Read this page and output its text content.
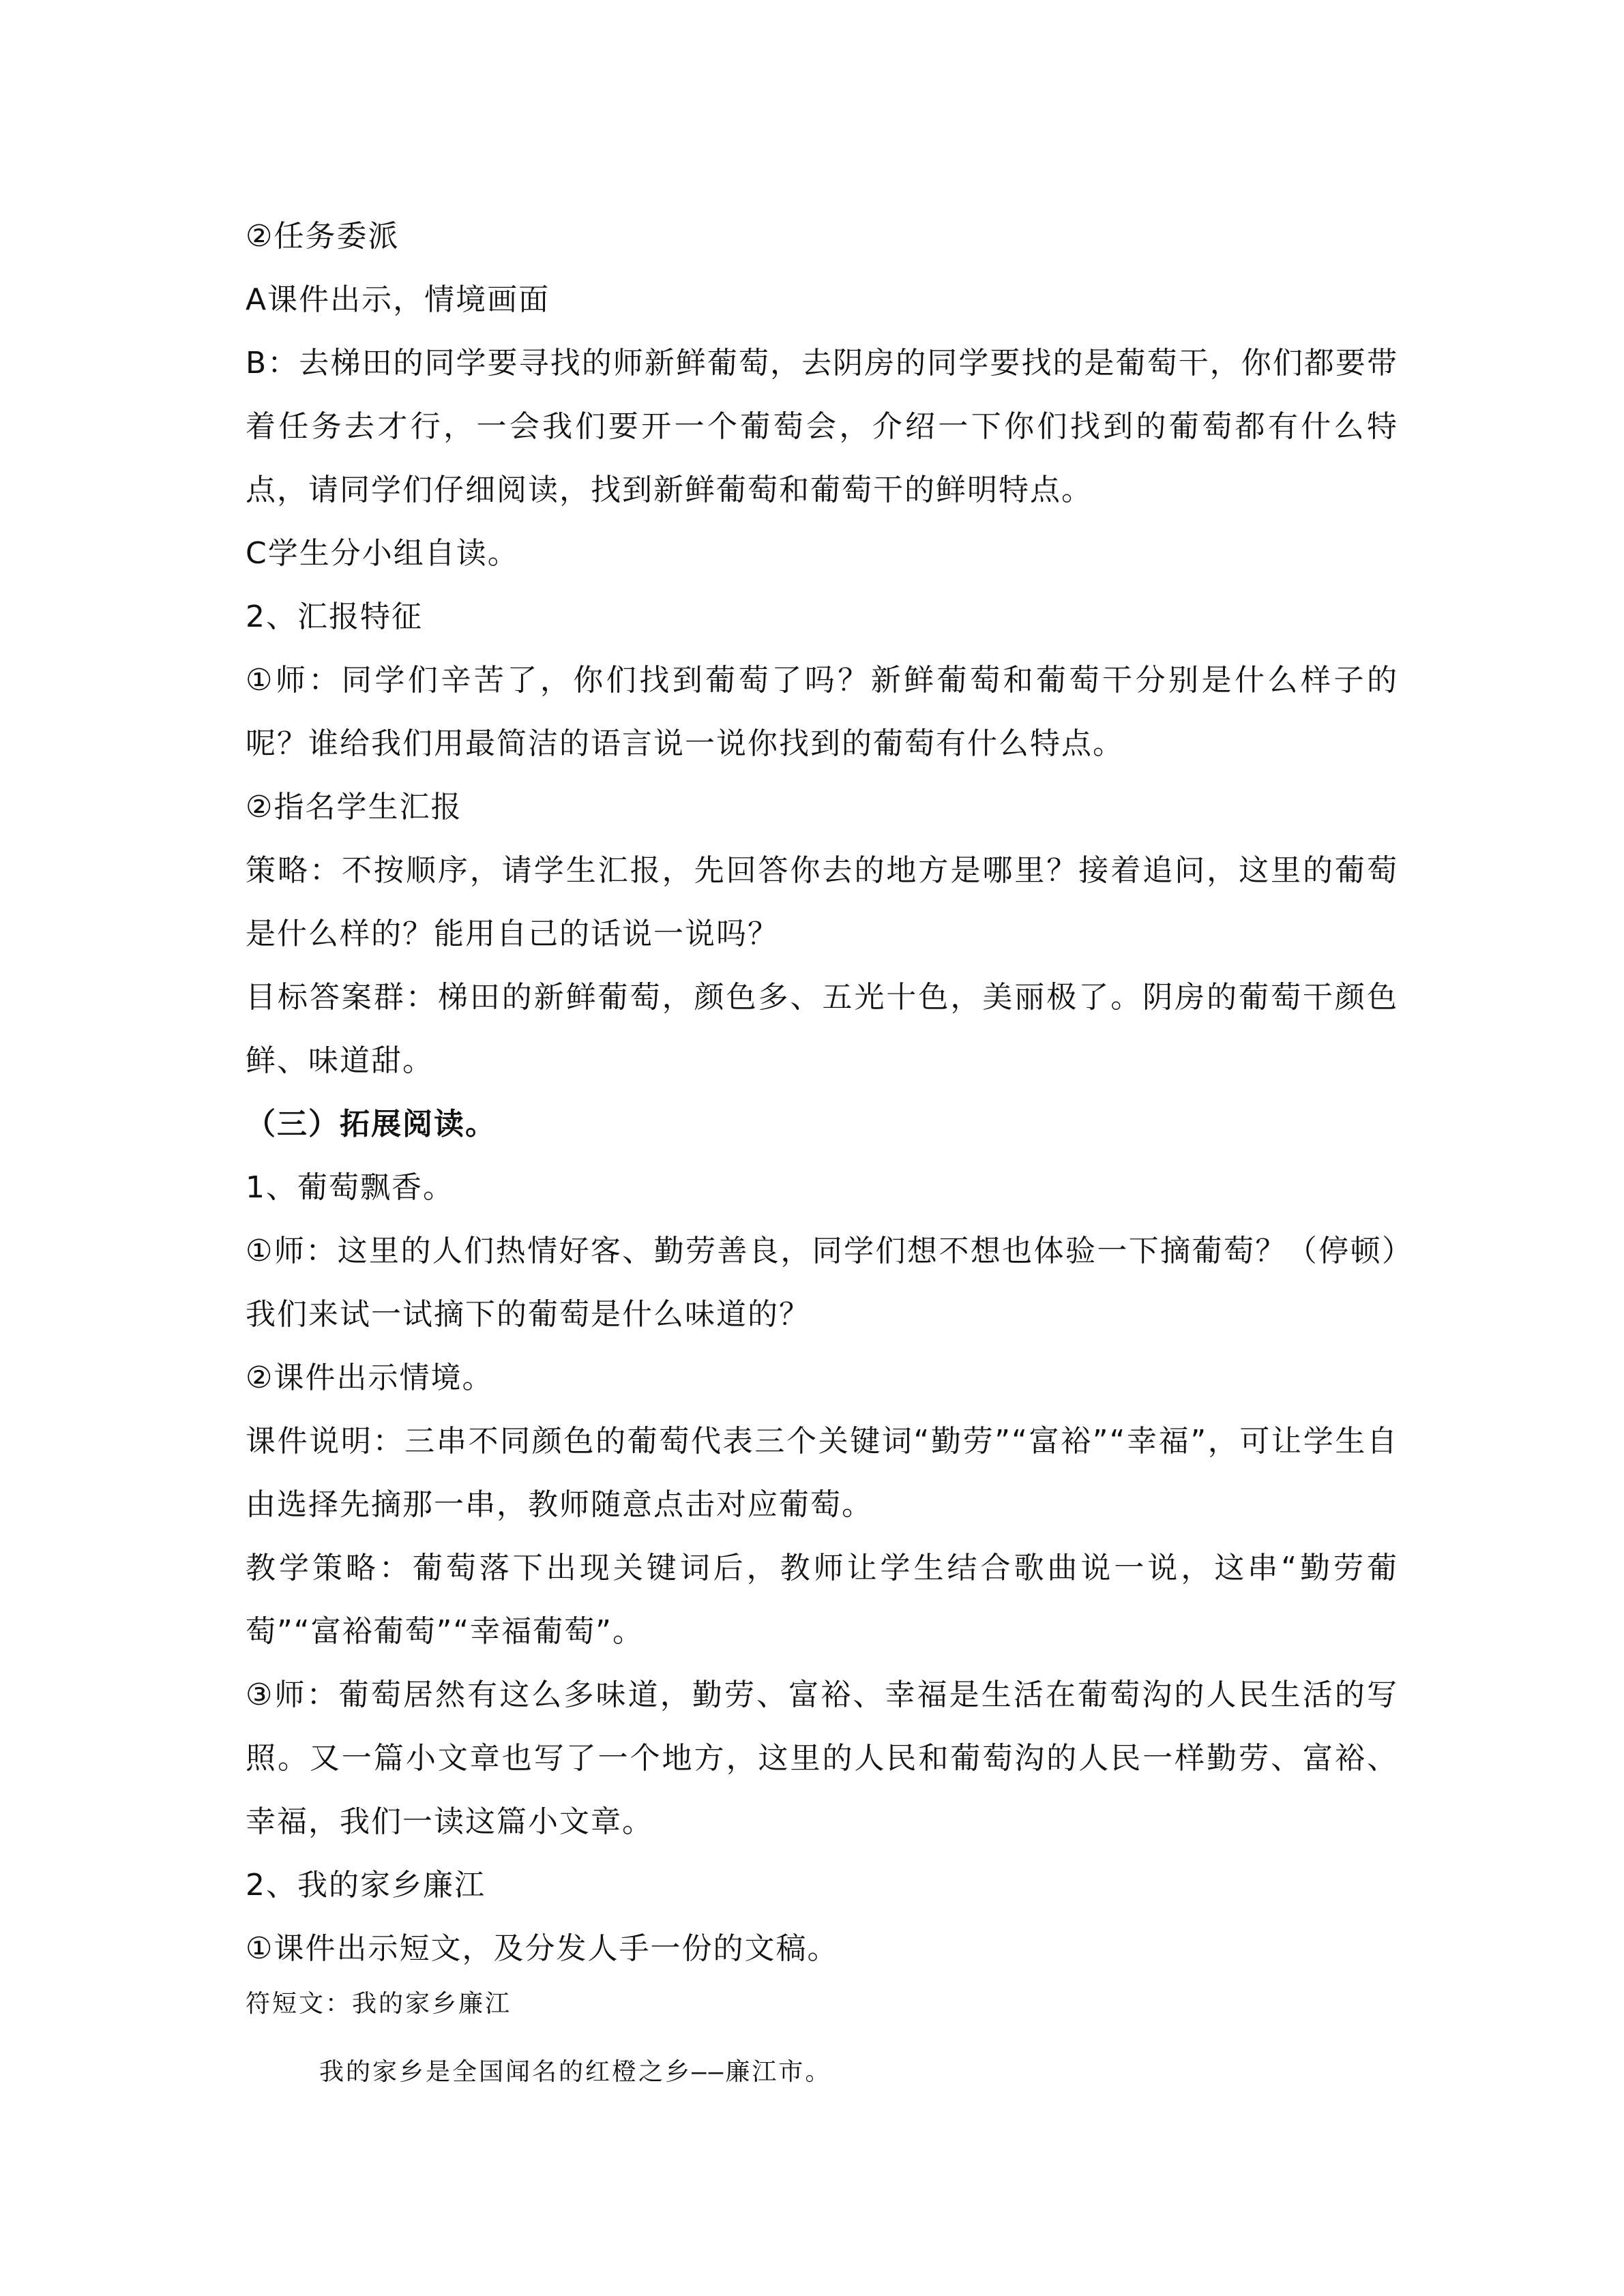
②任务委派

A课件出示，情境画面

B：去梯田的同学要寻找的师新鲜葡萄，去阴房的同学要找的是葡萄干，你们都要带着任务去才行，一会我们要开一个葡萄会，介绍一下你们找到的葡萄都有什么特点，请同学们仔细阅读，找到新鲜葡萄和葡萄干的鲜明特点。

C学生分小组自读。

2、汇报特征

①师：同学们辛苦了，你们找到葡萄了吗？新鲜葡萄和葡萄干分别是什么样子的呢？谁给我们用最简洁的语言说一说你找到的葡萄有什么特点。

②指名学生汇报

策略：不按顺序，请学生汇报，先回答你去的地方是哪里？接着追问，这里的葡萄是什么样的？能用自己的话说一说吗？

目标答案群：梯田的新鲜葡萄，颜色多、五光十色，美丽极了。阴房的葡萄干颜色鲜、味道甜。

（三）拓展阅读。

1、葡萄飘香。

①师：这里的人们热情好客、勤劳善良，同学们想不想也体验一下摘葡萄？（停顿）我们来试一试摘下的葡萄是什么味道的？

②课件出示情境。

课件说明：三串不同颜色的葡萄代表三个关键词“勤劳”“富裕”“幸福”，可让学生自由选择先摘那一串，教师随意点击对应葡萄。

教学策略：葡萄落下出现关键词后，教师让学生结合歌曲说一说，这串“勤劳葡萄”“富裕葡萄”“幸福葡萄”。

③师：葡萄居然有这么多味道，勤劳、富裕、幸福是生活在葡萄沟的人民生活的写照。又一篇小文章也写了一个地方，这里的人民和葡萄沟的人民一样勤劳、富裕、幸福，我们一读这篇小文章。

2、我的家乡廉江

①课件出示短文，及分发人手一份的文稿。

符短文：我的家乡廉江

我的家乡是全国闻名的红橙之乡——廉江市。
